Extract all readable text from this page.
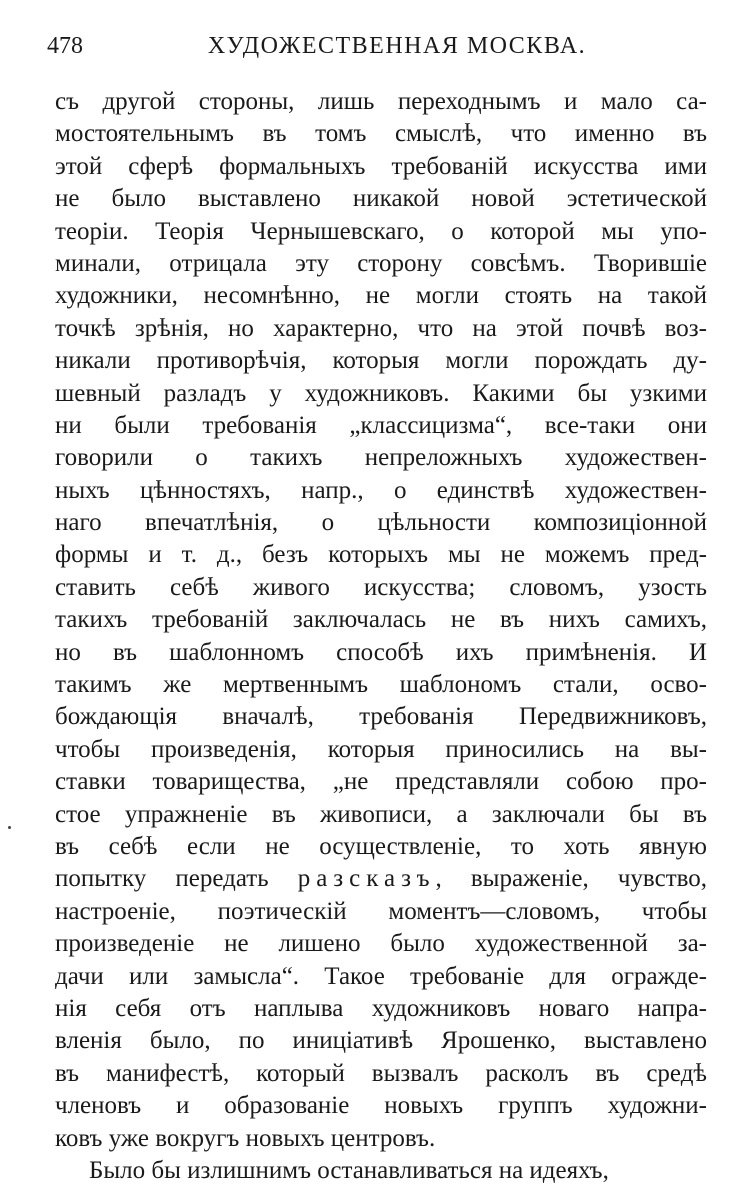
478	ХУДОЖЕСТВЕННАЯ МОСКВА.
съ другой стороны, лишь переходнымъ и мало са-
мостоятельнымъ въ томъ смыслѣ, что именно въ
этой сферѣ формальныхъ требованій искусства ими
не было выставлено никакой новой эстетической
теоріи. Теорія Чернышевскаго, о которой мы упо-
минали, отрицала эту сторону совсѣмъ. Творившіе
художники, несомнѣнно, не могли стоять на такой
точкѣ зрѣнія, но характерно, что на этой почвѣ воз-
никали противорѣчія, которыя могли порождать ду-
шевный разладъ у художниковъ. Какими бы узкими
ни были требованія „классицизма“, все-таки они
говорили о такихъ непреложныхъ художествен-
ныхъ цѣнностяхъ, напр., о единствѣ художествен-
наго впечатлѣнія, о цѣльности композиціонной
формы и т. д., безъ которыхъ мы не можемъ пред-
ставить себѣ живого искусства; словомъ, узость
такихъ требованій заключалась не въ нихъ самихъ,
но въ шаблонномъ способѣ ихъ примѣненія. И
такимъ же мертвеннымъ шаблономъ стали, осво-
бождающія вначалѣ, требованія Передвижниковъ,
чтобы произведенія, которыя приносились на вы-
ставки товарищества, „не представляли собою про-
стое упражненіе въ живописи, а заключали бы въ
въ себѣ если не осуществленіе, то хоть явную
попытку передать разсказъ, выраженіе, чувство,
настроеніе, поэтическій моментъ—словомъ, чтобы
произведеніе не лишено было художественной за-
дачи или замысла“. Такое требованіе для огражде-
нія себя отъ наплыва художниковъ новаго напра-
вленія было, по иниціативѣ Ярошенко, выставлено
въ манифестѣ, который вызвалъ расколъ въ средѣ
членовъ и образованіе новыхъ группъ художни-
ковъ уже вокругъ новыхъ центровъ.
Было бы излишнимъ останавливаться на идеяхъ,
